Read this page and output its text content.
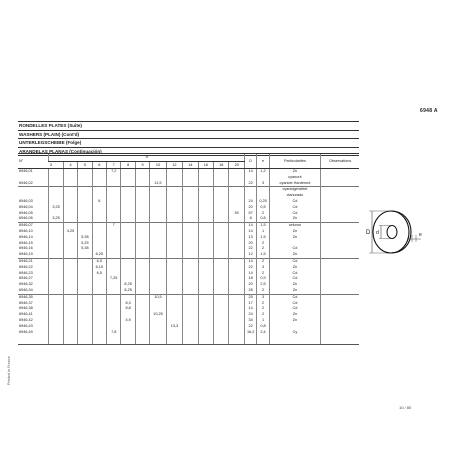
6948 A
RONDELLES PLATES (Suite)
WASHERS (PLAIN) (Cont'd)
UNTERLEGSCHEIBE (Folge)
ARANDELAS PLANAS (Continuación)
N°	d													D	e	Particularités	Observations
	3	4	5	6	7	8	9	10	12	14	16	18	20				
6946,01					7,2									14	1,2	Zn	
																cyanuré	
6946,02								11,5						22	3	cyanide Hardened	
																cyanidgehärtet	
																cianurado	
6946,03				6										24	0,25	Cd	
6946,04	3,25													20	0,5	Cd	
6946,05													50	57	2	Cd	
6946,06	3,25													8	0,8	Zn	
6946,07					7									14	1,5	celoron	
6946,10		4,25												14	1	Zn	
6946,14			5,38											13	1,5	Zn	
6946,15			5,25											20	2		
6946,16			5,38											22	2	Cd	
6946,19				6,25										12	1,5	Zn	
6946,21				6,5										14	2	Cd	
6946,22				6,15										22	3	Zn	
6946,23				6,5										14	2	Cd	
6946,27					7,25									18	0,9	Cd	
6946,32						8,25								20	2,5	Zn	
6946,34						8,25								28	2	Zn	
6946,35								10,5						25	3	Cd	
6946,37						8,3								17	2	Cd	
6946,38						8,8								14	2	Cd	
6946,41								10,25						24	2	Zn	
6946,42						4,9								34	1	Zn	
6946,43									13,3					22	0,8		
6946,49					7,8									16,2	2,4	Cy	
D d	e
Printed in France
10 / 80
